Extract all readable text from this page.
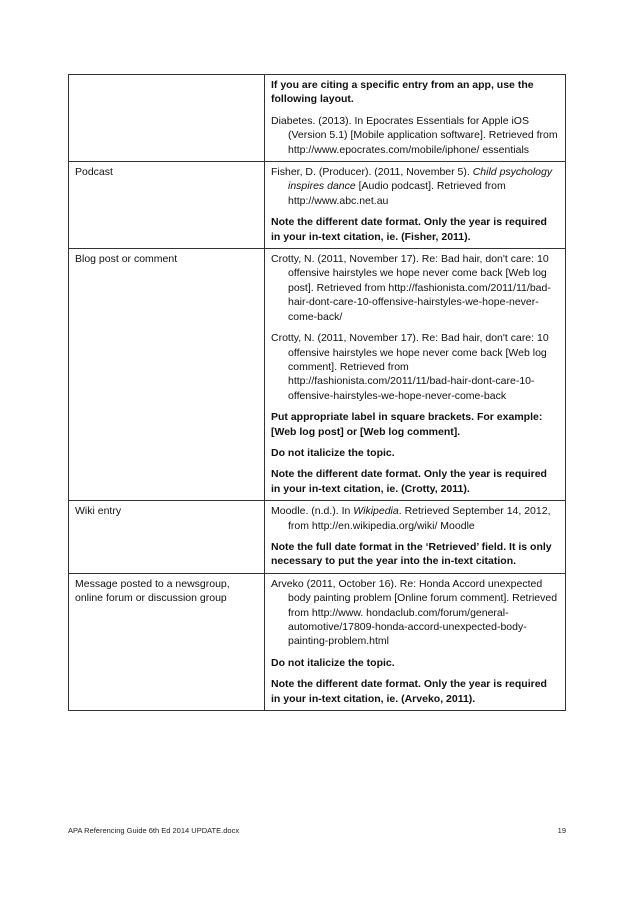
	If you are citing a specific entry from an app, use the following layout.
Diabetes. (2013). In Epocrates Essentials for Apple iOS (Version 5.1) [Mobile application software]. Retrieved from http://www.epocrates.com/mobile/iphone/ essentials

Podcast	Fisher, D. (Producer). (2011, November 5). Child psychology inspires dance [Audio podcast]. Retrieved from http://www.abc.net.au
Note the different date format. Only the year is required in your in-text citation, ie. (Fisher, 2011).

Blog post or comment	Crotty, N. (2011, November 17). Re: Bad hair, don't care: 10 offensive hairstyles we hope never come back [Web log post]. Retrieved from http://fashionista.com/2011/11/bad-hair-dont-care-10-offensive-hairstyles-we-hope-never-come-back/
Crotty, N. (2011, November 17). Re: Bad hair, don't care: 10 offensive hairstyles we hope never come back [Web log comment]. Retrieved from http://fashionista.com/2011/11/bad-hair-dont-care-10-offensive-hairstyles-we-hope-never-come-back
Put appropriate label in square brackets. For example: [Web log post] or [Web log comment].
Do not italicize the topic.
Note the different date format. Only the year is required in your in-text citation, ie. (Crotty, 2011).

Wiki entry	Moodle. (n.d.). In Wikipedia. Retrieved September 14, 2012, from http://en.wikipedia.org/wiki/ Moodle
Note the full date format in the ‘Retrieved’ field. It is only necessary to put the year into the in-text citation.

Message posted to a newsgroup, online forum or discussion group	Arveko (2011, October 16). Re: Honda Accord unexpected body painting problem [Online forum comment]. Retrieved from http://www. hondaclub.com/forum/general-automotive/17809-honda-accord-unexpected-body-painting-problem.html
Do not italicize the topic.
Note the different date format. Only the year is required in your in-text citation, ie. (Arveko, 2011).
APA Referencing Guide 6th Ed 2014 UPDATE.docx	19
